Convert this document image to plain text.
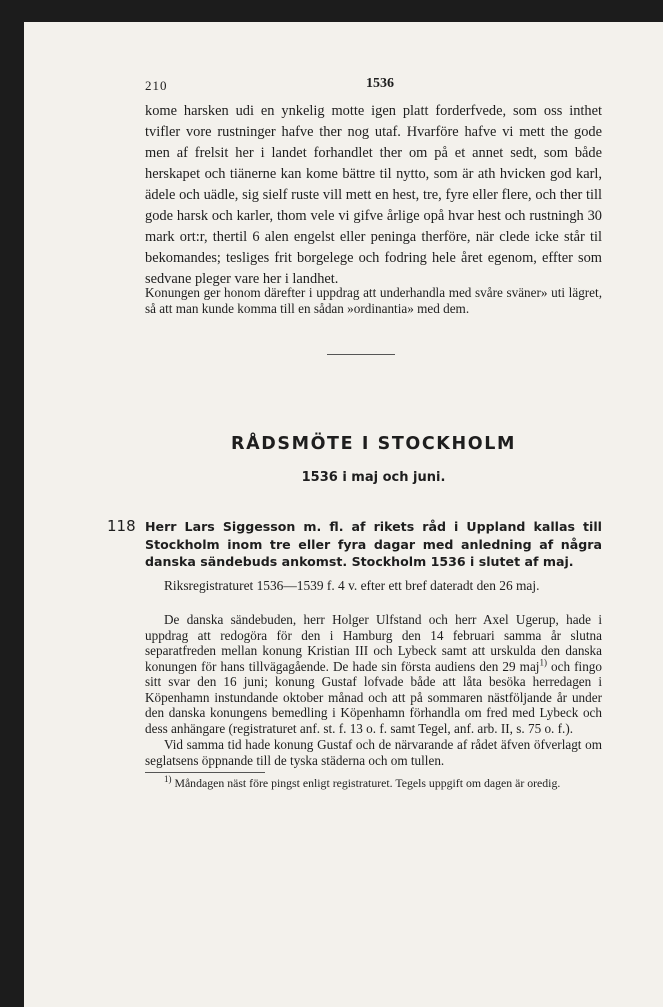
210	1536

kome harsken udi en ynkelig motte igen platt forderfvede, som oss inthet tvifler vore rustninger hafve ther nog utaf. Hvarföre hafve vi mett the gode men af frelsit her i landet forhandlet ther om på et annet sedt, som både herskapet och tiänerne kan kome bättre til nytto, som är ath hvicken god karl, ädele och uädle, sig sielf ruste vill mett en hest, tre, fyre eller flere, och ther till gode harsk och karler, thom vele vi gifve årlige opå hvar hest och rustningh 30 mark ort:r, thertil 6 alen engelst eller peninga therföre, när clede icke står til bekomandes; tesliges frit borgelege och fodring hele året egenom, effter som sedvane pleger vare her i landhet.

Konungen ger honom därefter i uppdrag att underhandla med svåre sväner» uti lägret, så att man kunde komma till en sådan »ordinantia» med dem.

RÅDSMÖTE I STOCKHOLM
1536 i maj och juni.
118 Herr Lars Siggesson m. fl. af rikets råd i Uppland kallas till Stockholm inom tre eller fyra dagar med anledning af några danska sändebuds ankomst. Stockholm 1536 i slutet af maj.

Riksregistraturet 1536—1539 f. 4 v. efter ett bref dateradt den 26 maj.

De danska sändebuden, herr Holger Ulfstand och herr Axel Ugerup, hade i uppdrag att redogöra för den i Hamburg den 14 februari samma år slutna separatfreden mellan konung Kristian III och Lybeck samt att urskulda den danska konungen för hans tillvägagående. De hade sin första audiens den 29 maj$^{1)}$ och fingo sitt svar den 16 juni; konung Gustaf lofvade både att låta besöka herredagen i Köpenhamn instundande oktober månad och att på sommaren nästföljande år under den danska konungens bemedling i Köpenhamn förhandla om fred med Lybeck och dess anhängare (registraturet anf. st. f. 13 o. f. samt Tegel, anf. arb. II, s. 75 o. f.).

Vid samma tid hade konung Gustaf och de närvarande af rådet äfven öfverlagt om seglatsens öppnande till de tyska städerna och om tullen.

$^{1)}$ Måndagen näst före pingst enligt registraturet. Tegels uppgift om dagen är oredig.
